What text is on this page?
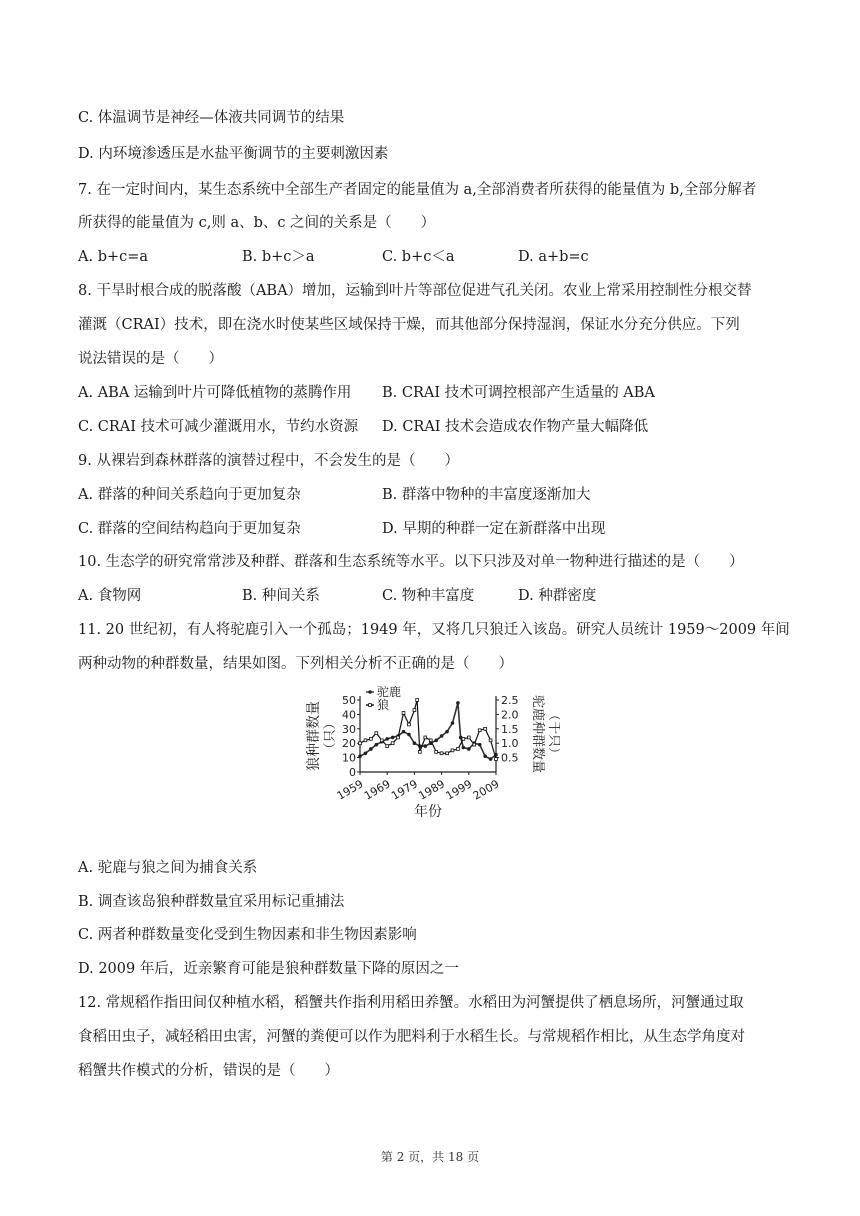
C. 体温调节是神经—体液共同调节的结果
D. 内环境渗透压是水盐平衡调节的主要刺激因素
7. 在一定时间内，某生态系统中全部生产者固定的能量值为 a,全部消费者所获得的能量值为 b,全部分解者
所获得的能量值为 c,则 a、b、c 之间的关系是（　　）
A. b+c=a	B. b+c＞a	C. b+c＜a	D. a+b=c
8. 干旱时根合成的脱落酸（ABA）增加，运输到叶片等部位促进气孔关闭。农业上常采用控制性分根交替
灌溉（CRAI）技术，即在浇水时使某些区域保持干燥，而其他部分保持湿润，保证水分充分供应。下列
说法错误的是（　　）
A. ABA 运输到叶片可降低植物的蒸腾作用 B. CRAI 技术可调控根部产生适量的 ABA
C. CRAI 技术可减少灌溉用水，节约水资源 D. CRAI 技术会造成农作物产量大幅降低
9. 从裸岩到森林群落的演替过程中，不会发生的是（　　）
A. 群落的种间关系趋向于更加复杂	B. 群落中物种的丰富度逐渐加大
C. 群落的空间结构趋向于更加复杂	D. 早期的种群一定在新群落中出现
10. 生态学的研究常常涉及种群、群落和生态系统等水平。以下只涉及对单一物种进行描述的是（　　）
A. 食物网	B. 种间关系	C. 物种丰富度	D. 种群密度
11. 20 世纪初，有人将驼鹿引入一个孤岛；1949 年，又将几只狼迁入该岛。研究人员统计 1959～2009 年间
两种动物的种群数量，结果如图。下列相关分析不正确的是（　　）
0
10
20
30
40
50
0.5
1.0
1.5
2.0
2.5
1959
1969
1979
1989
1999
2009
驼鹿
狼
狼种群数量 （只）	驼鹿种群数量 （千只）
年份
A. 驼鹿与狼之间为捕食关系
B. 调查该岛狼种群数量宜采用标记重捕法
C. 两者种群数量变化受到生物因素和非生物因素影响
D. 2009 年后，近亲繁育可能是狼种群数量下降的原因之一
12. 常规稻作指田间仅种植水稻，稻蟹共作指利用稻田养蟹。水稻田为河蟹提供了栖息场所，河蟹通过取
食稻田虫子，减轻稻田虫害，河蟹的粪便可以作为肥料利于水稻生长。与常规稻作相比，从生态学角度对
稻蟹共作模式的分析，错误的是（　　）
第 2 页，共 18 页
